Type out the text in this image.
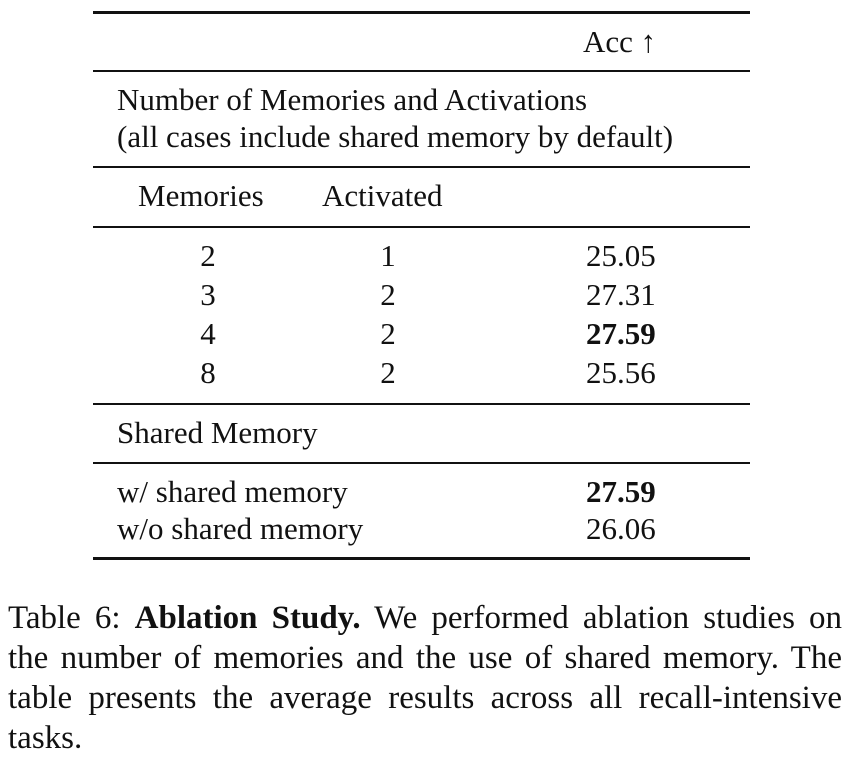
Acc ↑
Number of Memories and Activations
(all cases include shared memory by default)
Memories Activated
2	1	25.05
3	2	27.31
4	2	27.59
8	2	25.56
Shared Memory
w/ shared memory	27.59
w/o shared memory	26.06
Table 6: Ablation Study. We performed ablation studies on the number of memories and the use of shared memory. The table presents the average results across all recall-intensive tasks.
